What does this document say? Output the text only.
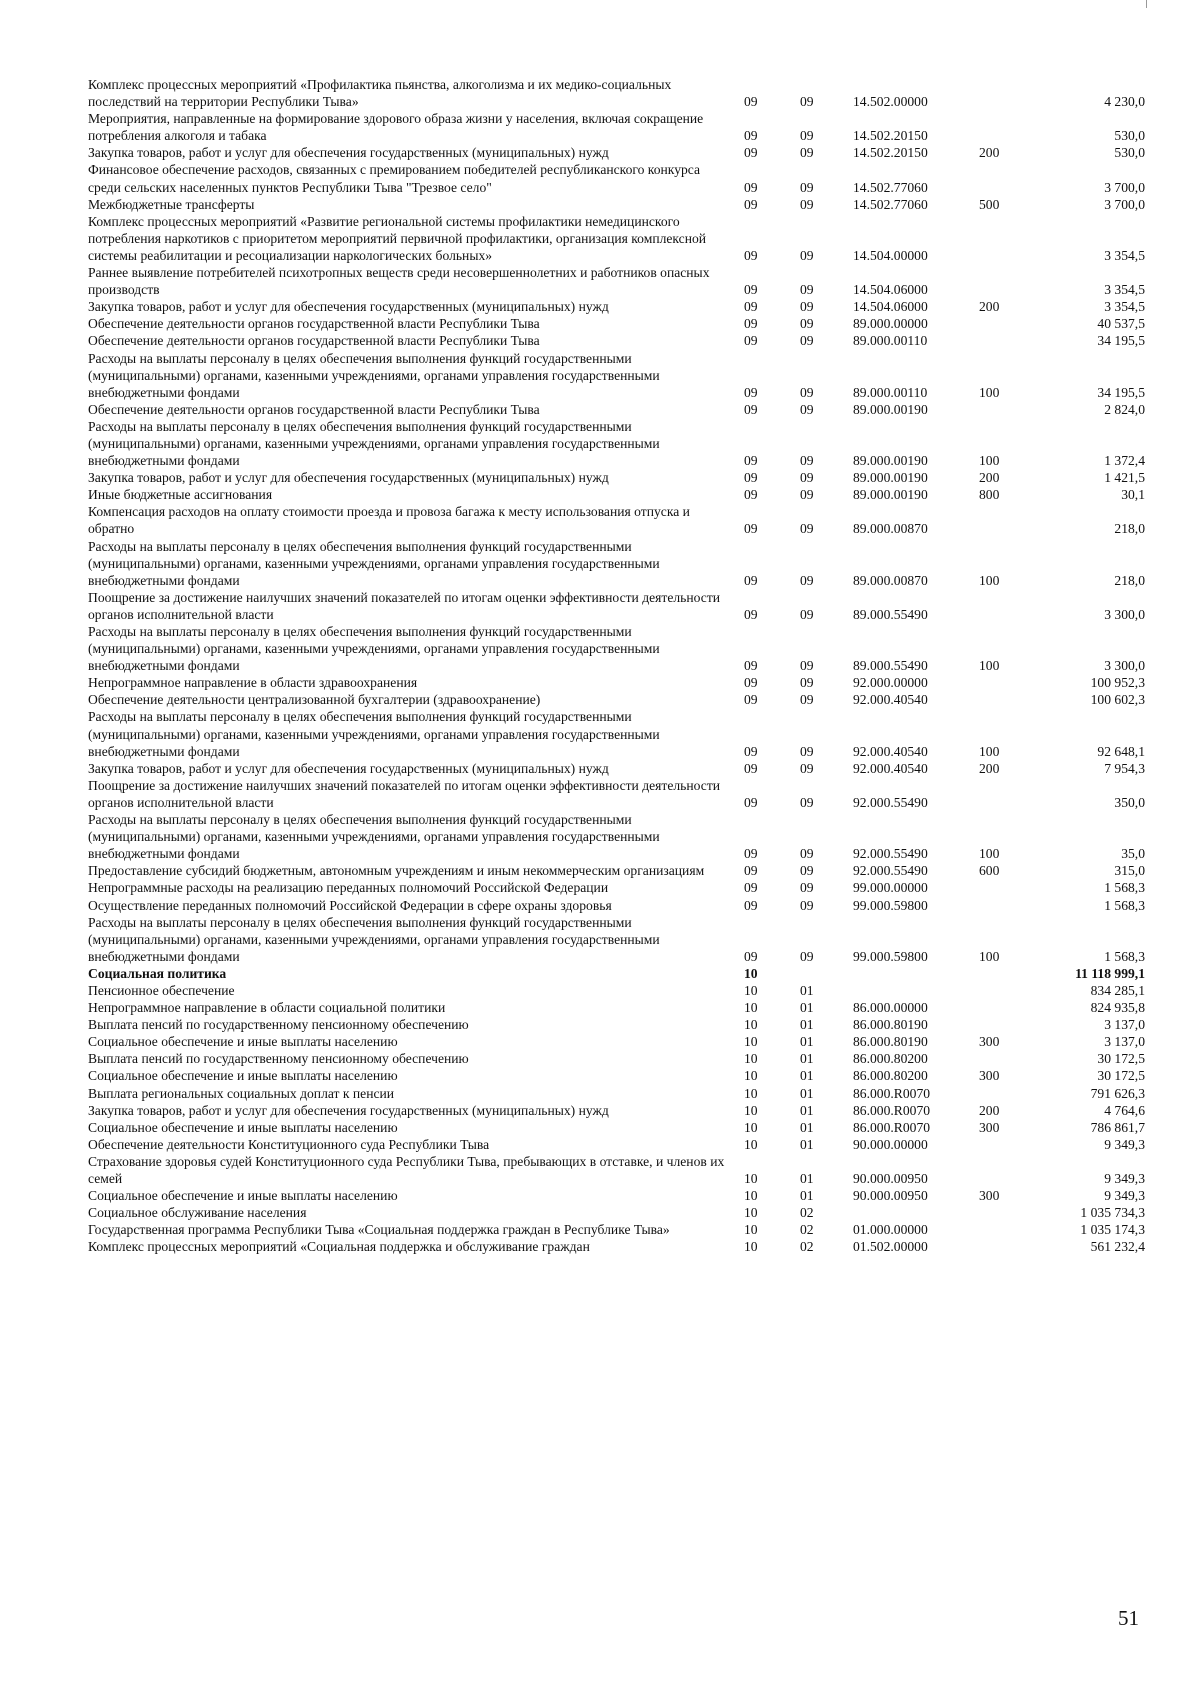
Комплекс процессных мероприятий «Профилактика пьянства, алкоголизма и их медико-социальных последствий на территории Республики Тыва»	09	09	14.502.00000		4 230,0
Мероприятия, направленные на формирование здорового образа жизни у населения, включая сокращение потребления алкоголя и табака	09	09	14.502.20150		530,0
Закупка товаров, работ и услуг для обеспечения государственных (муниципальных) нужд	09	09	14.502.20150	200	530,0
Финансовое обеспечение расходов, связанных с премированием победителей республиканского конкурса среди сельских населенных пунктов Республики Тыва "Трезвое село"	09	09	14.502.77060		3 700,0
Межбюджетные трансферты	09	09	14.502.77060	500	3 700,0
Комплекс процессных мероприятий «Развитие региональной системы профилактики немедицинского потребления наркотиков с приоритетом мероприятий первичной профилактики, организация комплексной системы реабилитации и ресоциализации наркологических больных»	09	09	14.504.00000		3 354,5
Раннее выявление потребителей психотропных веществ среди несовершеннолетних и работников опасных производств	09	09	14.504.06000		3 354,5
Закупка товаров, работ и услуг для обеспечения государственных (муниципальных) нужд	09	09	14.504.06000	200	3 354,5
Обеспечение деятельности органов государственной власти Республики Тыва	09	09	89.000.00000		40 537,5
Обеспечение деятельности органов государственной власти Республики Тыва	09	09	89.000.00110		34 195,5
Расходы на выплаты персоналу в целях обеспечения выполнения функций государственными (муниципальными) органами, казенными учреждениями, органами управления государственными внебюджетными фондами	09	09	89.000.00110	100	34 195,5
Обеспечение деятельности органов государственной власти Республики Тыва	09	09	89.000.00190		2 824,0
Расходы на выплаты персоналу в целях обеспечения выполнения функций государственными (муниципальными) органами, казенными учреждениями, органами управления государственными внебюджетными фондами	09	09	89.000.00190	100	1 372,4
Закупка товаров, работ и услуг для обеспечения государственных (муниципальных) нужд	09	09	89.000.00190	200	1 421,5
Иные бюджетные ассигнования	09	09	89.000.00190	800	30,1
Компенсация расходов на оплату стоимости проезда и провоза багажа к месту использования отпуска и обратно	09	09	89.000.00870		218,0
Расходы на выплаты персоналу в целях обеспечения выполнения функций государственными (муниципальными) органами, казенными учреждениями, органами управления государственными внебюджетными фондами	09	09	89.000.00870	100	218,0
Поощрение за достижение наилучших значений показателей по итогам оценки эффективности деятельности органов исполнительной власти	09	09	89.000.55490		3 300,0
Расходы на выплаты персоналу в целях обеспечения выполнения функций государственными (муниципальными) органами, казенными учреждениями, органами управления государственными внебюджетными фондами	09	09	89.000.55490	100	3 300,0
Непрограммное направление в области здравоохранения	09	09	92.000.00000		100 952,3
Обеспечение деятельности централизованной бухгалтерии (здравоохранение)	09	09	92.000.40540		100 602,3
Расходы на выплаты персоналу в целях обеспечения выполнения функций государственными (муниципальными) органами, казенными учреждениями, органами управления государственными внебюджетными фондами	09	09	92.000.40540	100	92 648,1
Закупка товаров, работ и услуг для обеспечения государственных (муниципальных) нужд	09	09	92.000.40540	200	7 954,3
Поощрение за достижение наилучших значений показателей по итогам оценки эффективности деятельности органов исполнительной власти	09	09	92.000.55490		350,0
Расходы на выплаты персоналу в целях обеспечения выполнения функций государственными (муниципальными) органами, казенными учреждениями, органами управления государственными внебюджетными фондами	09	09	92.000.55490	100	35,0
Предоставление субсидий бюджетным, автономным учреждениям и иным некоммерческим организациям	09	09	92.000.55490	600	315,0
Непрограммные расходы на реализацию переданных полномочий Российской Федерации	09	09	99.000.00000		1 568,3
Осуществление переданных полномочий Российской Федерации в сфере охраны здоровья	09	09	99.000.59800		1 568,3
Расходы на выплаты персоналу в целях обеспечения выполнения функций государственными (муниципальными) органами, казенными учреждениями, органами управления государственными внебюджетными фондами	09	09	99.000.59800	100	1 568,3
Социальная политика	10				11 118 999,1
Пенсионное обеспечение	10	01			834 285,1
Непрограммное направление в области социальной политики	10	01	86.000.00000		824 935,8
Выплата пенсий по государственному пенсионному обеспечению	10	01	86.000.80190		3 137,0
Социальное обеспечение и иные выплаты населению	10	01	86.000.80190	300	3 137,0
Выплата пенсий по государственному пенсионному обеспечению	10	01	86.000.80200		30 172,5
Социальное обеспечение и иные выплаты населению	10	01	86.000.80200	300	30 172,5
Выплата региональных социальных доплат к пенсии	10	01	86.000.R0070		791 626,3
Закупка товаров, работ и услуг для обеспечения государственных (муниципальных) нужд	10	01	86.000.R0070	200	4 764,6
Социальное обеспечение и иные выплаты населению	10	01	86.000.R0070	300	786 861,7
Обеспечение деятельности Конституционного суда Республики Тыва	10	01	90.000.00000		9 349,3
Страхование здоровья судей Конституционного суда Республики Тыва, пребывающих в отставке, и членов их семей	10	01	90.000.00950		9 349,3
Социальное обеспечение и иные выплаты населению	10	01	90.000.00950	300	9 349,3
Социальное обслуживание населения	10	02			1 035 734,3
Государственная программа Республики Тыва «Социальная поддержка граждан в Республике Тыва»	10	02	01.000.00000		1 035 174,3
Комплекс процессных мероприятий «Социальная поддержка и обслуживание граждан	10	02	01.502.00000		561 232,4
51
